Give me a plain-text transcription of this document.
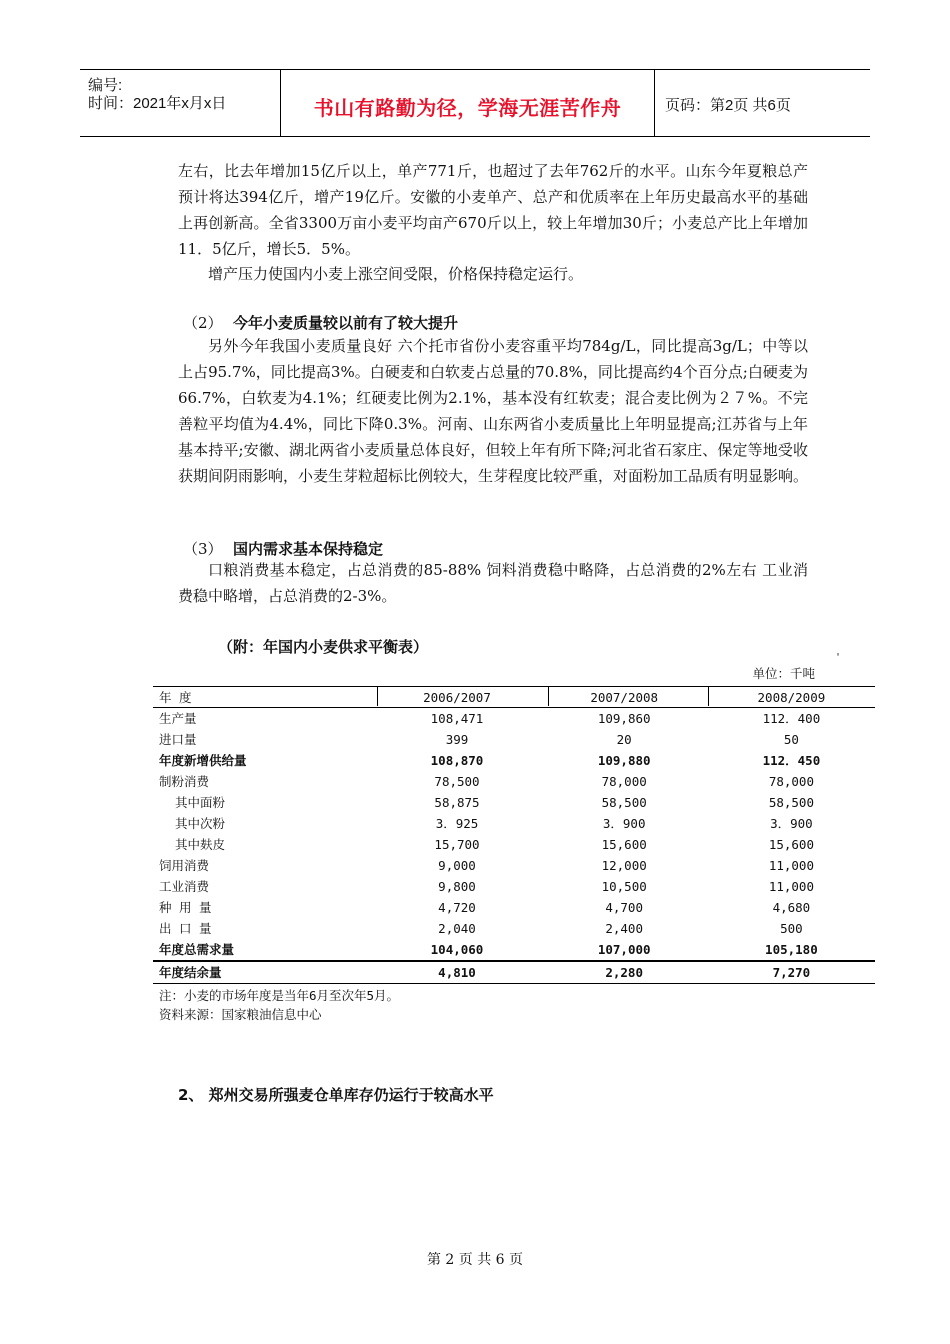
编号:
时间：2021年x月x日	书山有路勤为径，学海无涯苦作舟	页码：第2页 共6页
左右，比去年增加15亿斤以上，单产771斤，也超过了去年762斤的水平。山东今年夏粮总产预计将达394亿斤，增产19亿斤。安徽的小麦单产、总产和优质率在上年历史最高水平的基础上再创新高。全省3300万亩小麦平均亩产670斤以上，较上年增加30斤；小麦总产比上年增加11．5亿斤，增长5．5%。
增产压力使国内小麦上涨空间受限，价格保持稳定运行。
（2） 今年小麦质量较以前有了较大提升
另外今年我国小麦质量良好 六个托市省份小麦容重平均784g/L，同比提高3g/L；中等以上占95.7%，同比提高3%。白硬麦和白软麦占总量的70.8%，同比提高约4个百分点;白硬麦为66.7%，白软麦为4.1%；红硬麦比例为2.1%，基本没有红软麦；混合麦比例为２７%。不完善粒平均值为4.4%，同比下降0.3%。河南、山东两省小麦质量比上年明显提高;江苏省与上年基本持平;安徽、湖北两省小麦质量总体良好，但较上年有所下降;河北省石家庄、保定等地受收获期间阴雨影响，小麦生芽粒超标比例较大，生芽程度比较严重，对面粉加工品质有明显影响。
（3） 国内需求基本保持稳定
口粮消费基本稳定，占总消费的85-88% 饲料消费稳中略降，占总消费的2%左右 工业消费稳中略增，占总消费的2-3%。
（附：年国内小麦供求平衡表）
'
单位：千吨
年 度	2006/2007	2007/2008	2008/2009
生产量	108,471	109,860	112．400
进口量	399	20	50
年度新增供给量	108,870	109,880	112．450
制粉消费	78,500	78,000	78,000
其中面粉	58,875	58,500	58,500
其中次粉	3．925	3．900	3．900
其中麸皮	15,700	15,600	15,600
饲用消费	9,000	12,000	11,000
工业消费	9,800	10,500	11,000
种 用 量	4,720	4,700	4,680
出 口 量	2,040	2,400	500
年度总需求量	104,060	107,000	105,180
年度结余量	4,810	2,280	7,270
注：小麦的市场年度是当年6月至次年5月。
资料来源：国家粮油信息中心
2、 郑州交易所强麦仓单库存仍运行于较高水平
第 2 页 共 6 页
